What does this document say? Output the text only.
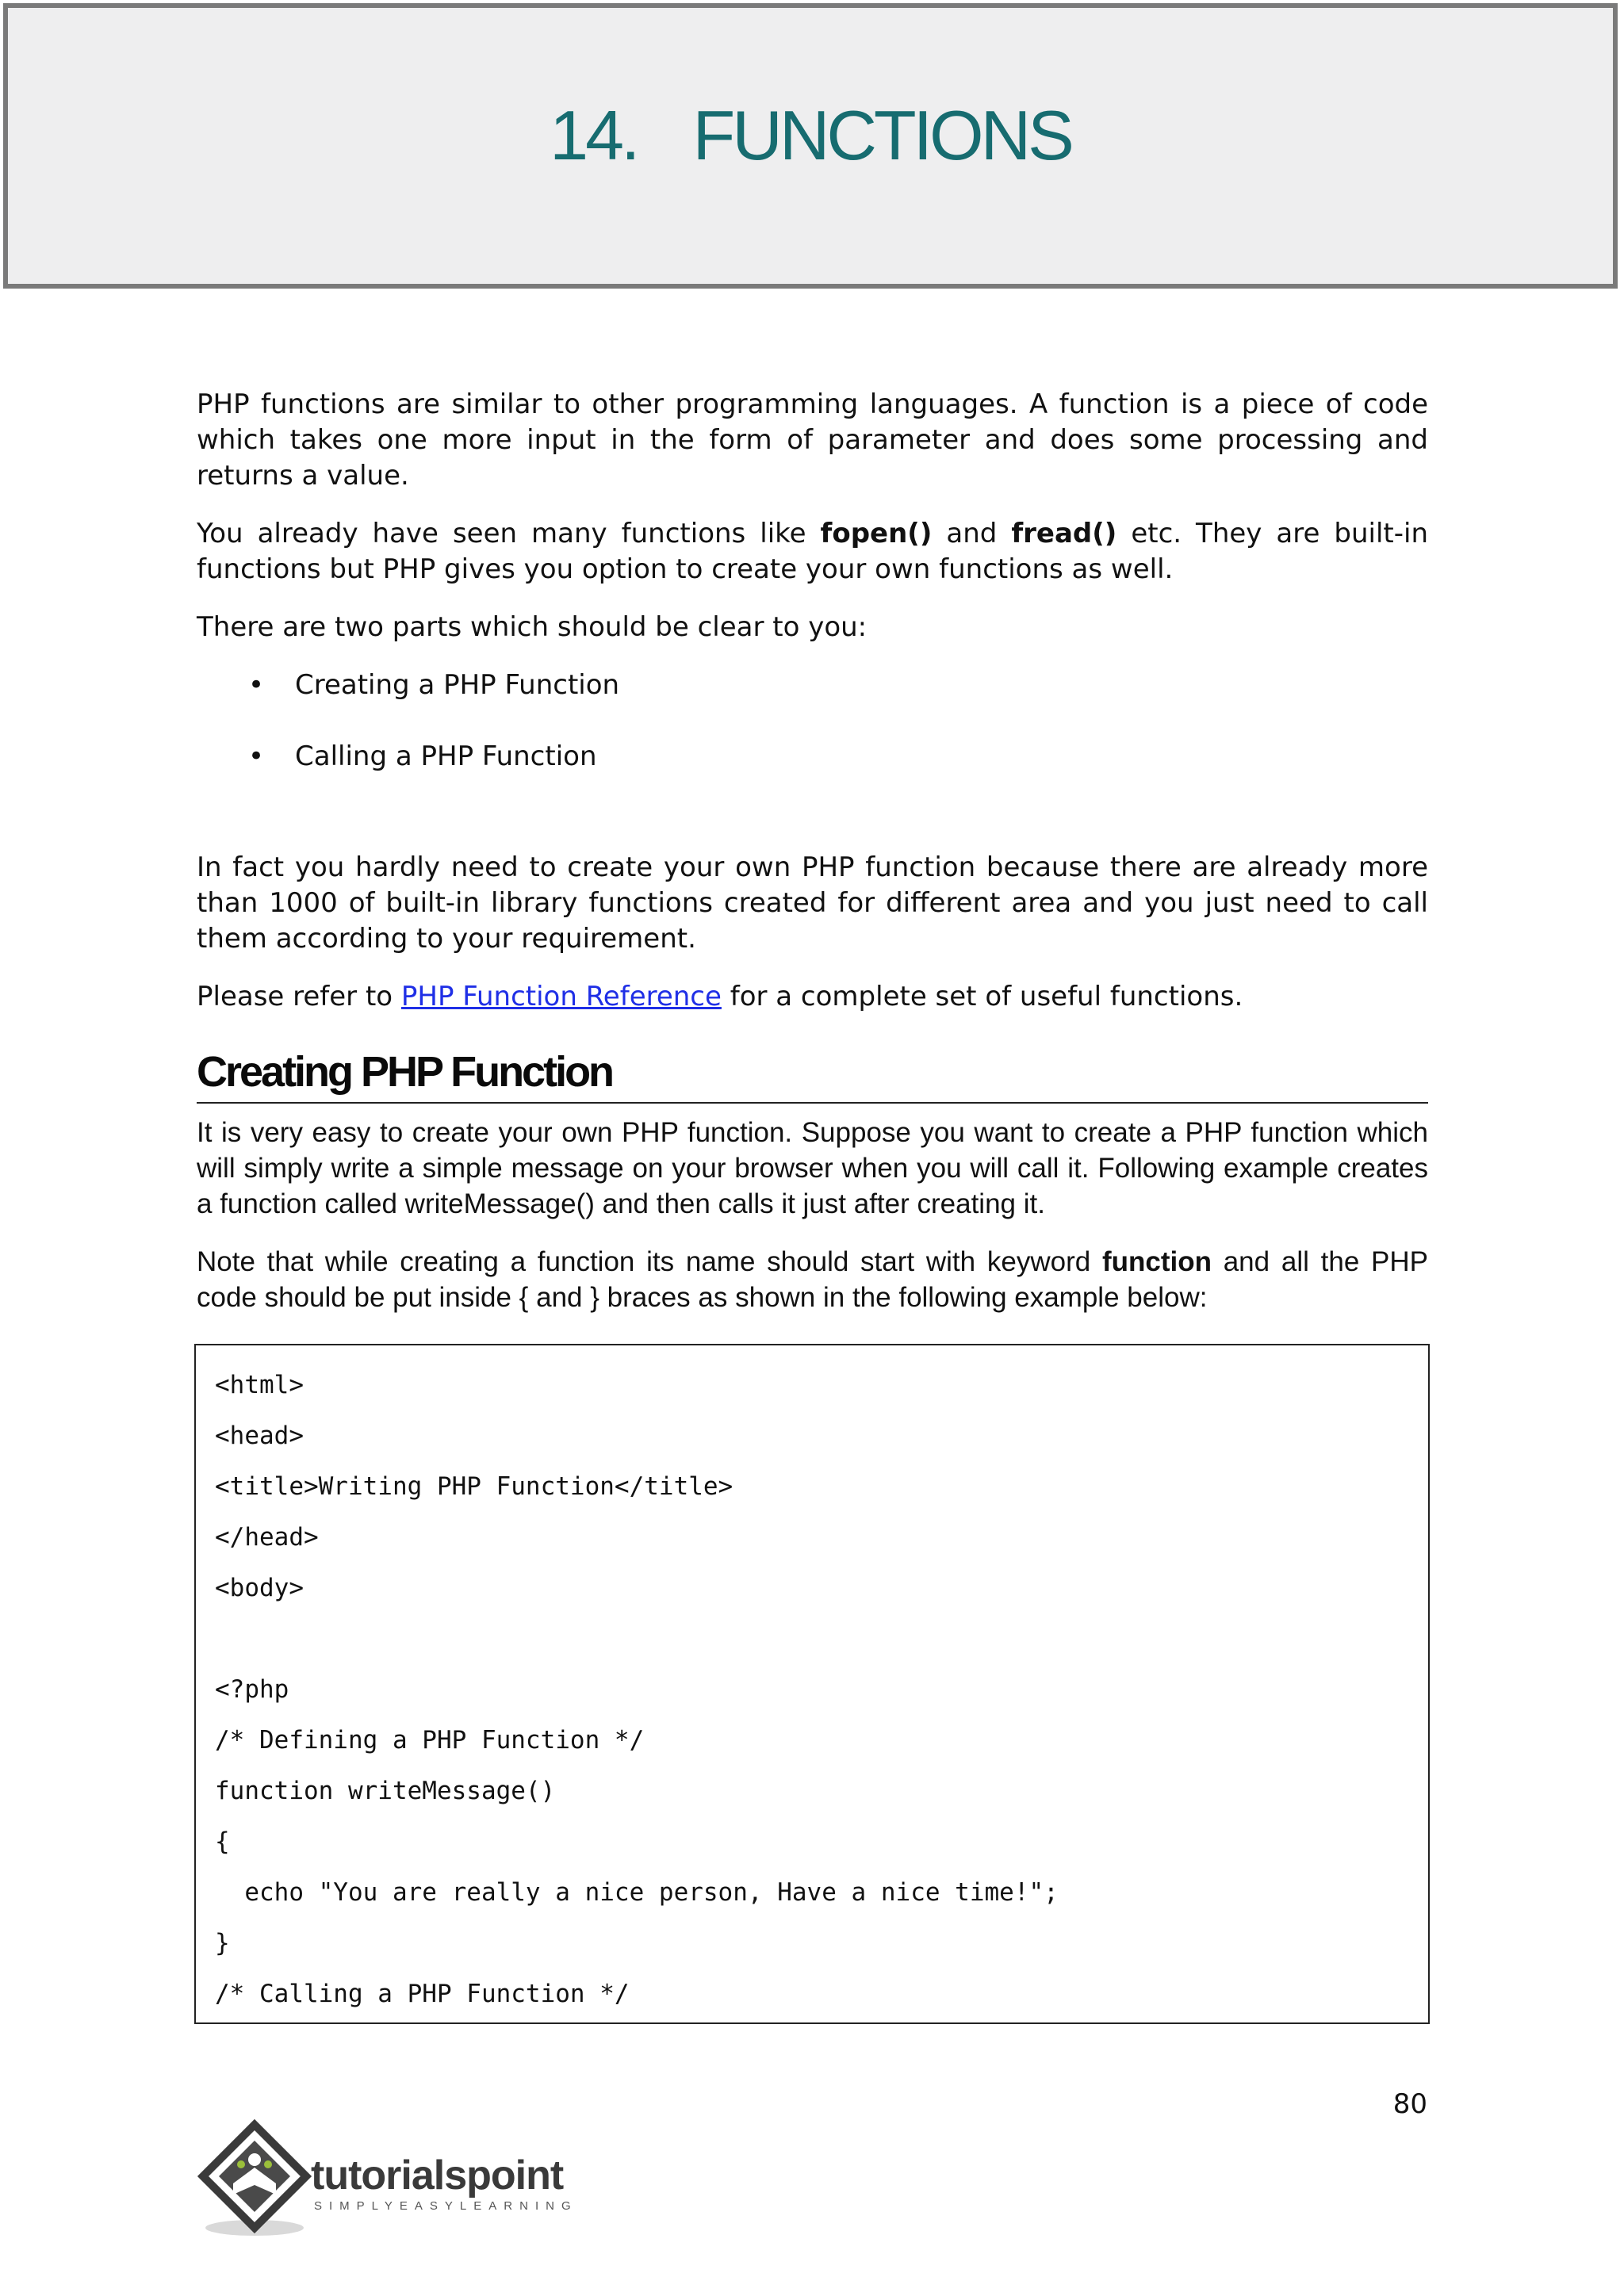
14. FUNCTIONS

PHP functions are similar to other programming languages. A function is a piece of code which takes one more input in the form of parameter and does some processing and returns a value.

You already have seen many functions like fopen() and fread() etc. They are built-in functions but PHP gives you option to create your own functions as well.

There are two parts which should be clear to you:

• Creating a PHP Function
• Calling a PHP Function

In fact you hardly need to create your own PHP function because there are already more than 1000 of built-in library functions created for different area and you just need to call them according to your requirement.

Please refer to PHP Function Reference for a complete set of useful functions.

Creating PHP Function

It is very easy to create your own PHP function. Suppose you want to create a PHP function which will simply write a simple message on your browser when you will call it. Following example creates a function called writeMessage() and then calls it just after creating it.

Note that while creating a function its name should start with keyword function and all the PHP code should be put inside { and } braces as shown in the following example below:

<html>
<head>
<title>Writing PHP Function</title>
</head>
<body>
<?php
/* Defining a PHP Function */
function writeMessage()
{
echo "You are really a nice person, Have a nice time!";
}
/* Calling a PHP Function */
80
tutorialspoint
SIMPLYEASYLEARNING
